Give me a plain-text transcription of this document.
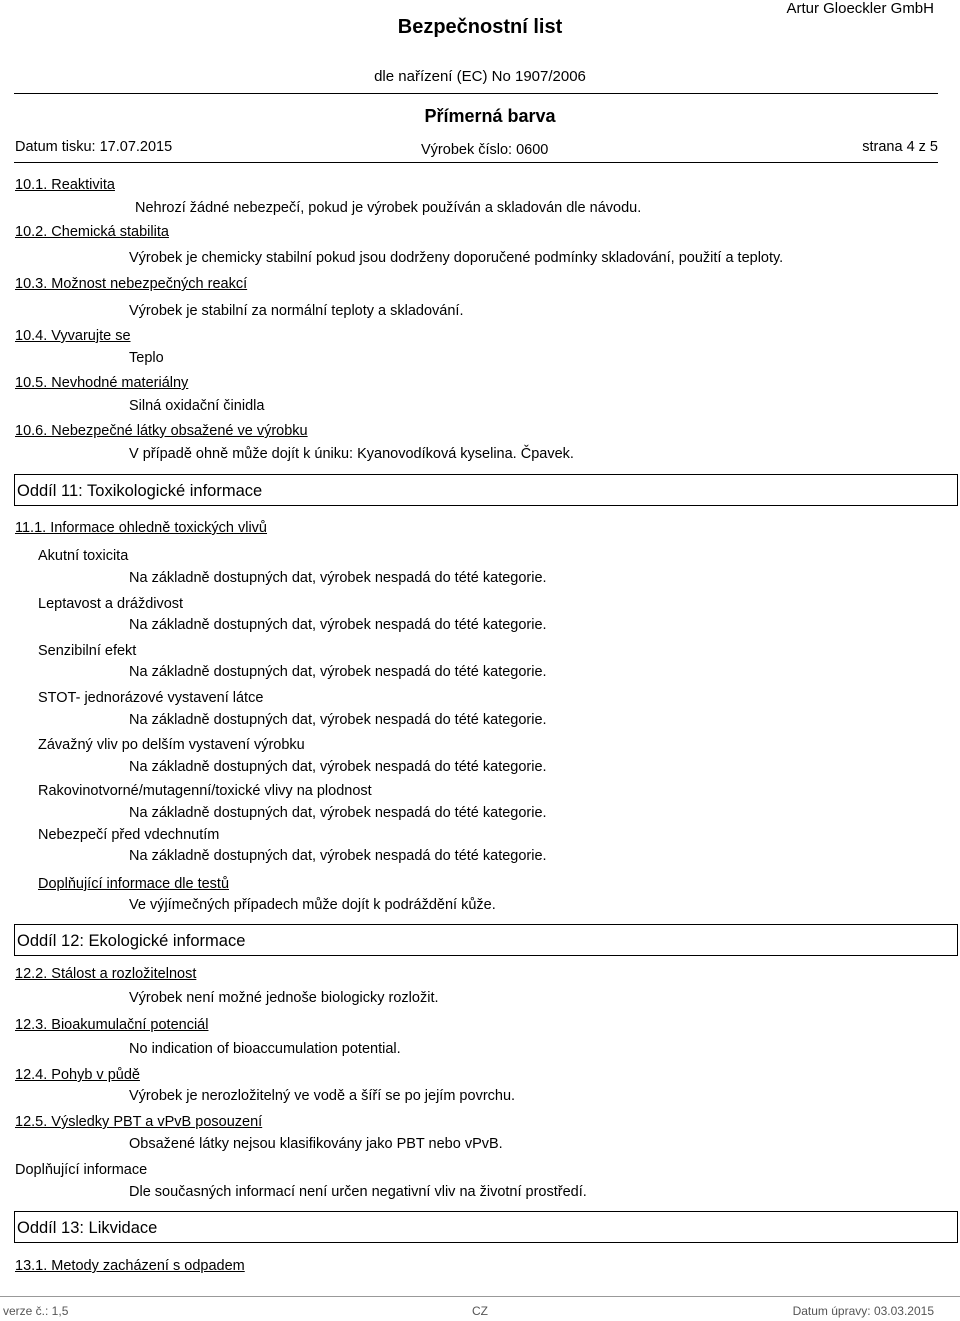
Bezpečnostní list
Artur Gloeckler GmbH
dle nařízení (EC) No 1907/2006
Přímerná barva
Datum tisku: 17.07.2015	Výrobek číslo: 0600	strana 4 z 5
10.1. Reaktivita
Nehrozí žádné nebezpečí, pokud je výrobek používán a skladován dle návodu.
10.2. Chemická stabilita
Výrobek je chemicky stabilní pokud jsou dodrženy doporučené podmínky skladování, použití a teploty.
10.3. Možnost nebezpečných reakcí
Výrobek je stabilní za normální teploty a skladování.
10.4. Vyvarujte se
Teplo
10.5. Nevhodné materiálny
Silná oxidační činidla
10.6. Nebezpečné látky obsažené ve výrobku
V případě ohně může dojít k úniku: Kyanovodíková kyselina. Čpavek.
Oddíl 11: Toxikologické informace
11.1. Informace ohledně toxických vlivů
Akutní toxicita
Na základně dostupných dat, výrobek nespadá do tété kategorie.
Leptavost a dráždivost
Na základně dostupných dat, výrobek nespadá do tété kategorie.
Senzibilní efekt
Na základně dostupných dat, výrobek nespadá do tété kategorie.
STOT- jednorázové vystavení látce
Na základně dostupných dat, výrobek nespadá do tété kategorie.
Závažný vliv po delším vystavení výrobku
Na základně dostupných dat, výrobek nespadá do tété kategorie.
Rakovinotvorné/mutagenní/toxické vlivy na plodnost
Na základně dostupných dat, výrobek nespadá do tété kategorie.
Nebezpečí před vdechnutím
Na základně dostupných dat, výrobek nespadá do tété kategorie.
Doplňující informace dle testů
Ve výjímečných případech může dojít k podráždění kůže.
Oddíl 12: Ekologické informace
12.2. Stálost a rozložitelnost
Výrobek není možné jednoše biologicky rozložit.
12.3. Bioakumulační potenciál
No indication of bioaccumulation potential.
12.4. Pohyb v půdě
Výrobek je nerozložitelný ve vodě a šíří se po jejím povrchu.
12.5. Výsledky PBT a vPvB posouzení
Obsažené látky nejsou klasifikovány jako PBT nebo vPvB.
Doplňující informace
Dle současných informací není určen negativní vliv na životní prostředí.
Oddíl 13: Likvidace
13.1. Metody zacházení s odpadem
verze č.: 1,5	CZ	Datum úpravy: 03.03.2015
